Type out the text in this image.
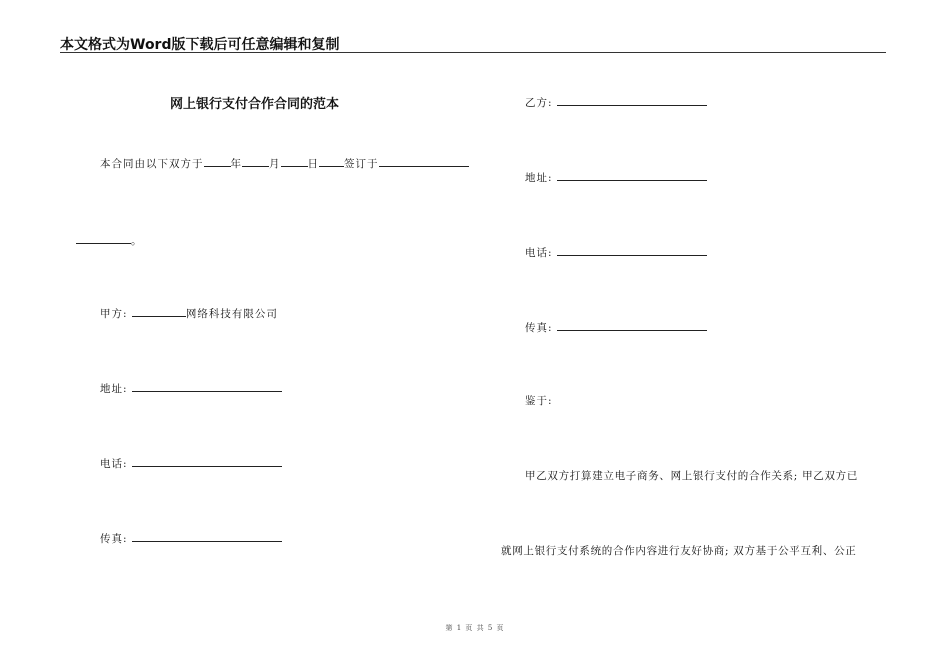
本文格式为Word版下载后可任意编辑和复制
网上银行支付合作合同的范本
本合同由以下双方于	年	月	日 签订于
。
甲方:	网络科技有限公司
地址:
电话:
传真:
乙方:
地址:
电话:
传真:
鉴于:
甲乙双方打算建立电子商务、网上银行支付的合作关系; 甲乙双方已
就网上银行支付系统的合作内容进行友好协商; 双方基于公平互利、公正
第 1 页 共 5 页
